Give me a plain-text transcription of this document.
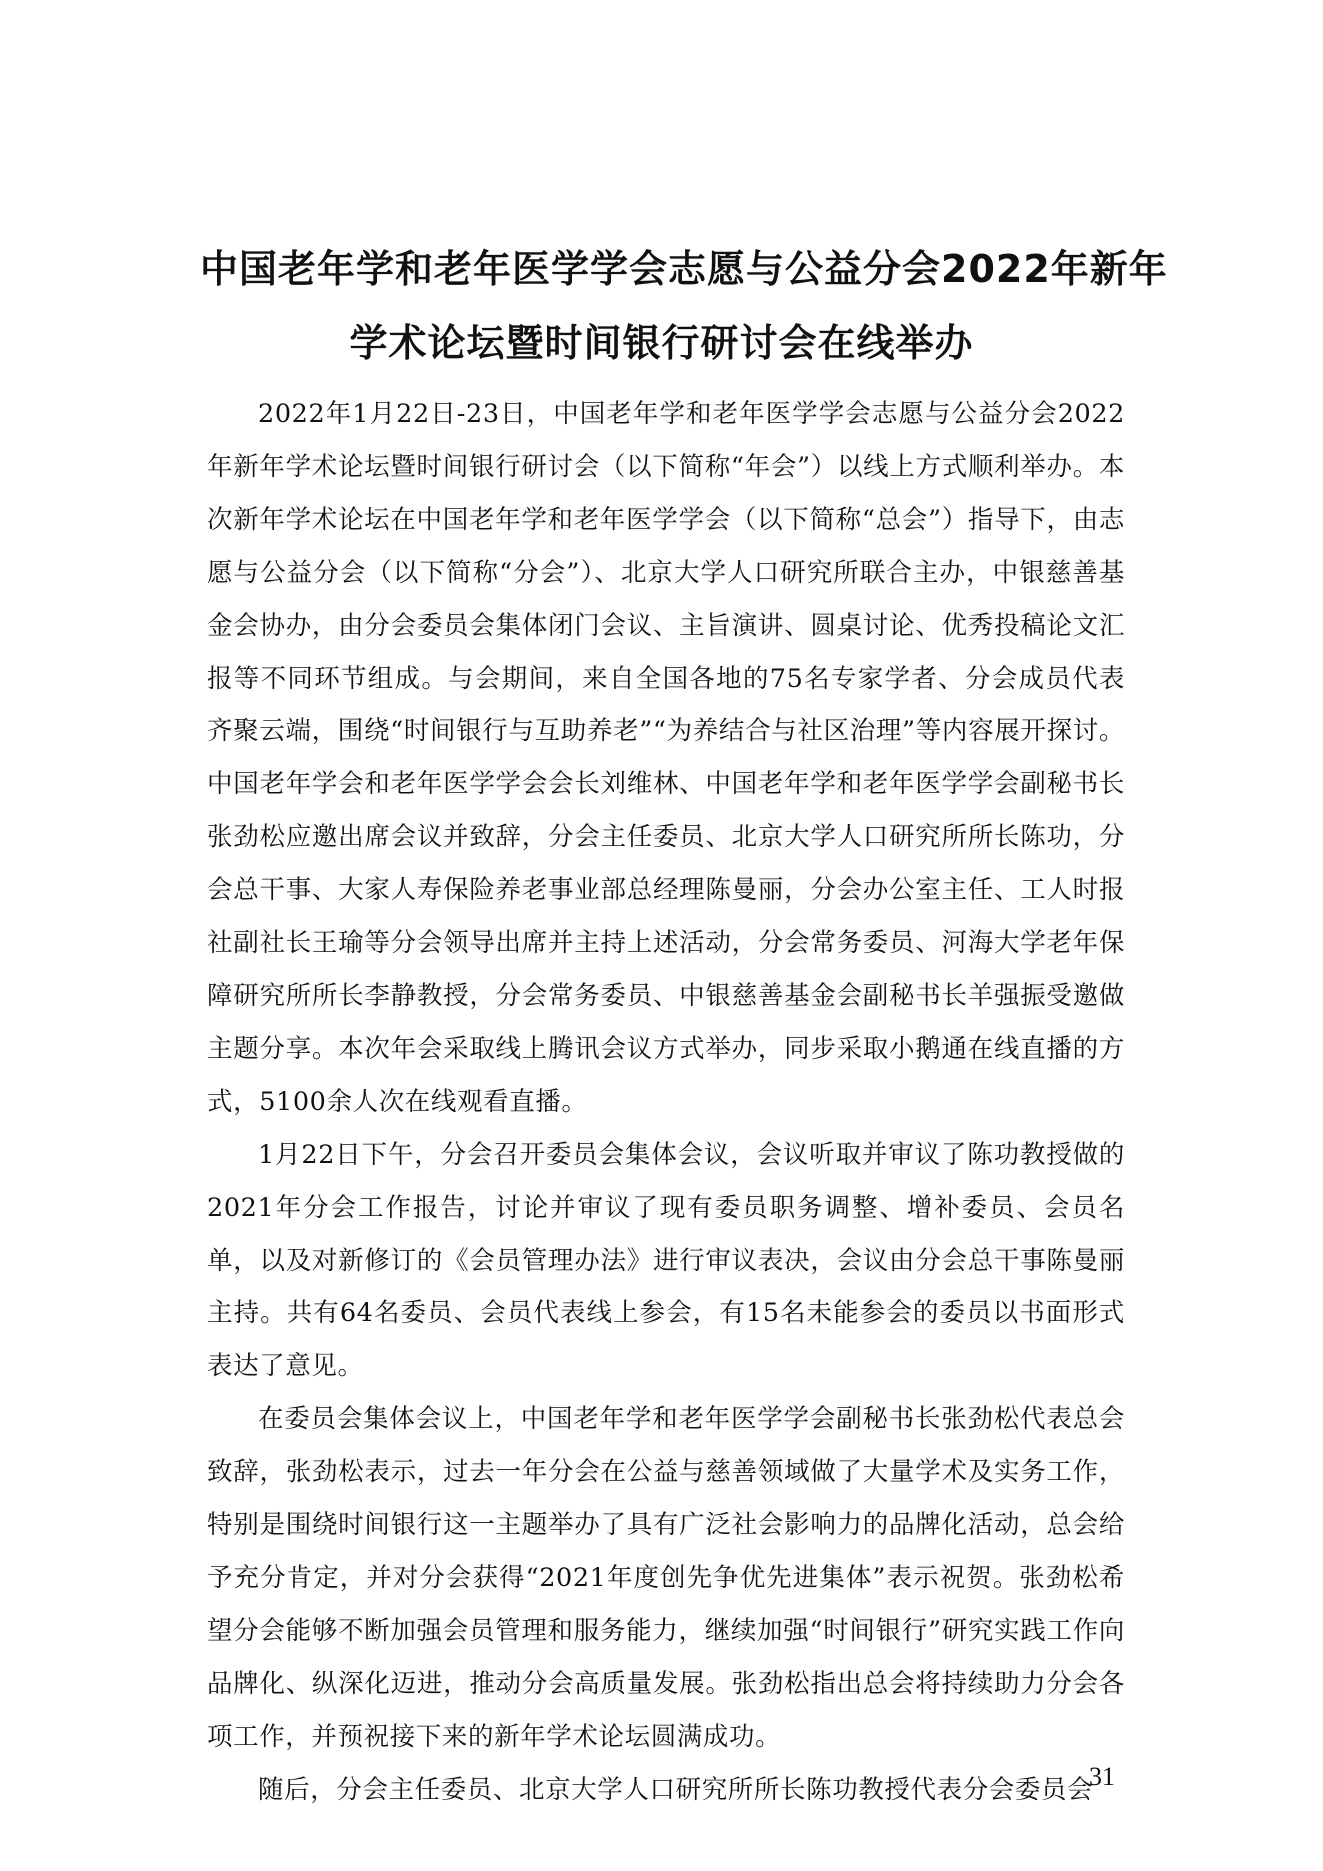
中国老年学和老年医学学会志愿与公益分会2022年新年
学术论坛暨时间银行研讨会在线举办

2022年1月22日-23日，中国老年学和老年医学学会志愿与公益分会2022年新年学术论坛暨时间银行研讨会（以下简称“年会”）以线上方式顺利举办。本次新年学术论坛在中国老年学和老年医学学会（以下简称“总会”）指导下，由志愿与公益分会（以下简称“分会”）、北京大学人口研究所联合主办，中银慈善基金会协办，由分会委员会集体闭门会议、主旨演讲、圆桌讨论、优秀投稿论文汇报等不同环节组成。与会期间，来自全国各地的75名专家学者、分会成员代表齐聚云端，围绕“时间银行与互助养老”“为养结合与社区治理”等内容展开探讨。中国老年学会和老年医学学会会长刘维林、中国老年学和老年医学学会副秘书长张劲松应邀出席会议并致辞，分会主任委员、北京大学人口研究所所长陈功，分会总干事、大家人寿保险养老事业部总经理陈曼丽，分会办公室主任、工人时报社副社长王瑜等分会领导出席并主持上述活动，分会常务委员、河海大学老年保障研究所所长李静教授，分会常务委员、中银慈善基金会副秘书长羊强振受邀做主题分享。本次年会采取线上腾讯会议方式举办，同步采取小鹅通在线直播的方式，5100余人次在线观看直播。

1月22日下午，分会召开委员会集体会议，会议听取并审议了陈功教授做的2021年分会工作报告，讨论并审议了现有委员职务调整、增补委员、会员名单，以及对新修订的《会员管理办法》进行审议表决，会议由分会总干事陈曼丽主持。共有64名委员、会员代表线上参会，有15名未能参会的委员以书面形式表达了意见。

在委员会集体会议上，中国老年学和老年医学学会副秘书长张劲松代表总会致辞，张劲松表示，过去一年分会在公益与慈善领域做了大量学术及实务工作，特别是围绕时间银行这一主题举办了具有广泛社会影响力的品牌化活动，总会给予充分肯定，并对分会获得“2021年度创先争优先进集体”表示祝贺。张劲松希望分会能够不断加强会员管理和服务能力，继续加强“时间银行”研究实践工作向品牌化、纵深化迈进，推动分会高质量发展。张劲松指出总会将持续助力分会各项工作，并预祝接下来的新年学术论坛圆满成功。

随后，分会主任委员、北京大学人口研究所所长陈功教授代表分会委员会

31
